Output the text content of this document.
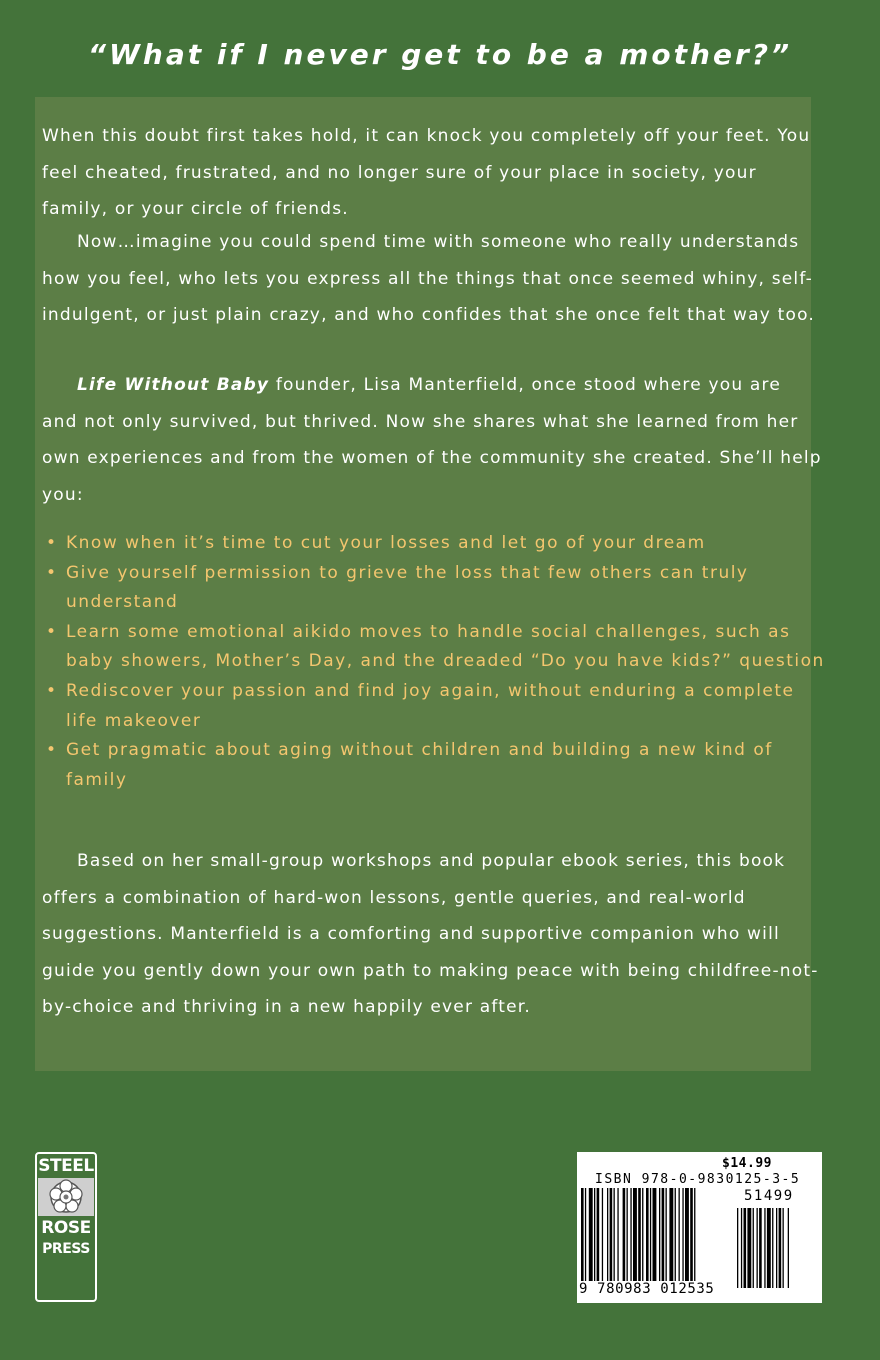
“What if I never get to be a mother?”

When this doubt first takes hold, it can knock you completely off your feet. You feel cheated, frustrated, and no longer sure of your place in society, your family, or your circle of friends.

Now…imagine you could spend time with someone who really understands how you feel, who lets you express all the things that once seemed whiny, self-indulgent, or just plain crazy, and who confides that she once felt that way too.

Life Without Baby founder, Lisa Manterfield, once stood where you are and not only survived, but thrived. Now she shares what she learned from her own experiences and from the women of the community she created. She’ll help you:

• Know when it’s time to cut your losses and let go of your dream
• Give yourself permission to grieve the loss that few others can truly understand
• Learn some emotional aikido moves to handle social challenges, such as baby showers, Mother’s Day, and the dreaded “Do you have kids?” question
• Rediscover your passion and find joy again, without enduring a complete life makeover
• Get pragmatic about aging without children and building a new kind of family

Based on her small-group workshops and popular ebook series, this book offers a combination of hard-won lessons, gentle queries, and real-world suggestions. Manterfield is a comforting and supportive companion who will guide you gently down your own path to making peace with being childfree-not-by-choice and thriving in a new happily ever after.

STEEL
ROSE
PRESS
$14.99
ISBN 978-0-9830125-3-5
51499
9 780983 012535
